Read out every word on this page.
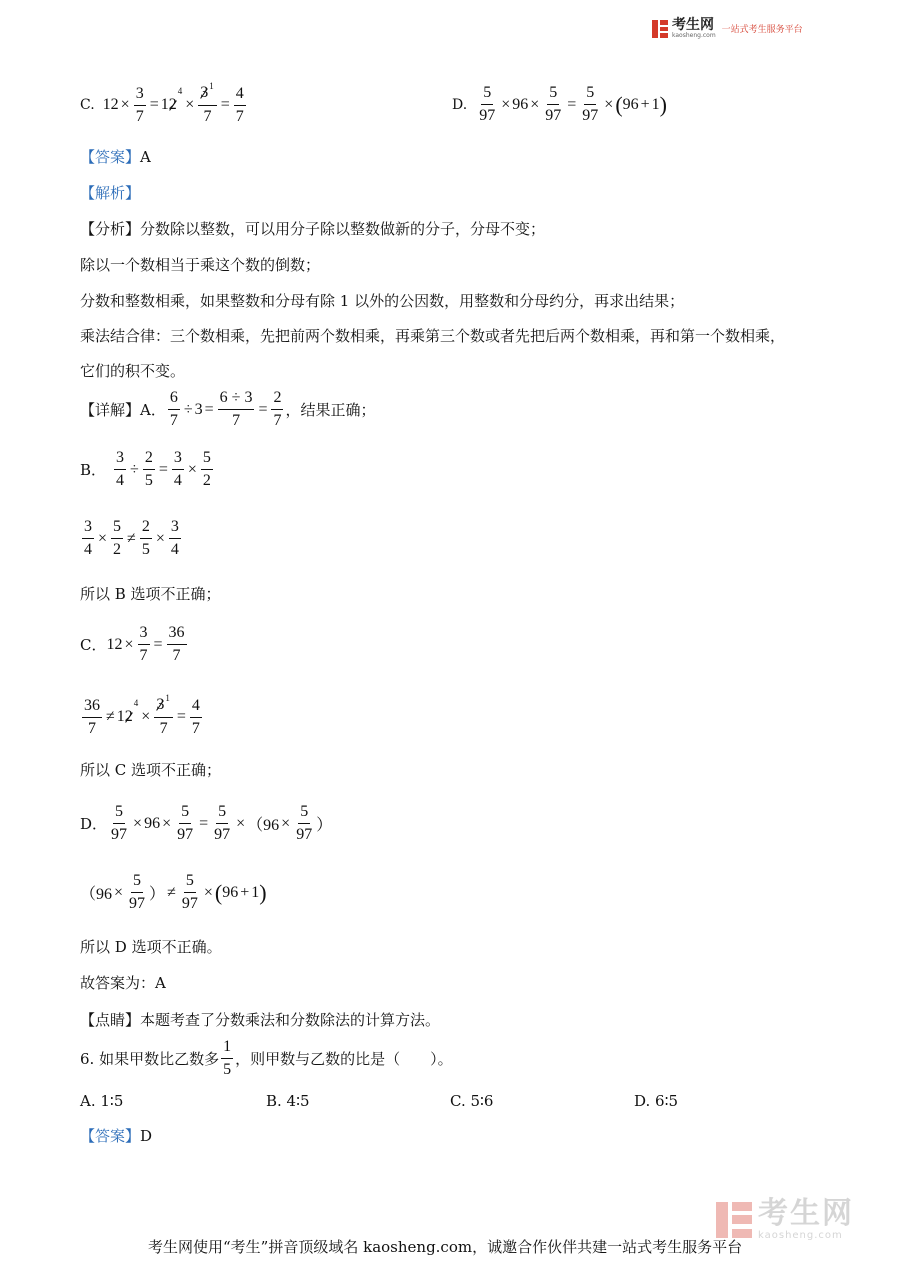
考生网
kaosheng.com
一站式考生服务平台
C. $12 \times \frac{3}{7} = 1$ 2
4
× $\frac{3^1}{7} = \frac{4}{7}$	D. $\frac{5}{97} \times 96 \times \frac{5}{97} = \frac{5}{97}$ × ( 96 + 1 )
【答案】A
【解析】
【分析】分数除以整数，可以用分子除以整数做新的分子，分母不变；
除以一个数相当于乘这个数的倒数；
分数和整数相乘，如果整数和分母有除 1 以外的公因数，用整数和分母约分，再求出结果；
乘法结合律：三个数相乘，先把前两个数相乘，再乘第三个数或者先把后两个数相乘，再和第一个数相乘，
它们的积不变。
【详解】 A． $\frac{6}{7} \div 3 = \frac{6 \div 3}{7} = \frac{2}{7}$ ，结果正确；
B． $\frac{3}{4} \div \frac{2}{5} = \frac{3}{4} \times \frac{5}{2}$
$\frac{3}{4} \times \frac{5}{2} \ne \frac{2}{5} \times \frac{3}{4}$
所以 B 选项不正确；
C． $12 \times \frac{3}{7} = \frac{36}{7}$
$\frac{36}{7} \ne 1$ 2
4
× $\frac{3^1}{7} = \frac{4}{7}$
所以 C 选项不正确；
D． $\frac{5}{97} \times 96 \times \frac{5}{97} = \frac{5}{97} \times (96 \times \frac{5}{97}$ ）
（$96 \times \frac{5}{97}$ ） ≠ $\frac{5}{97}$ × ( 96 + 1 )
所以 D 选项不正确。
故答案为：A
【点睛】本题考查了分数乘法和分数除法的计算方法。
6. 如果甲数比乙数多 $\frac{1}{5}$ ，则甲数与乙数的比是（　　）。
A. 1∶5	B. 4∶5	C. 5∶6	D. 6∶5
【答案】D
考生网
kaosheng.com
考生网使用“考生”拼音顶级域名 kaosheng.com，诚邀合作伙伴共建一站式考生服务平台
